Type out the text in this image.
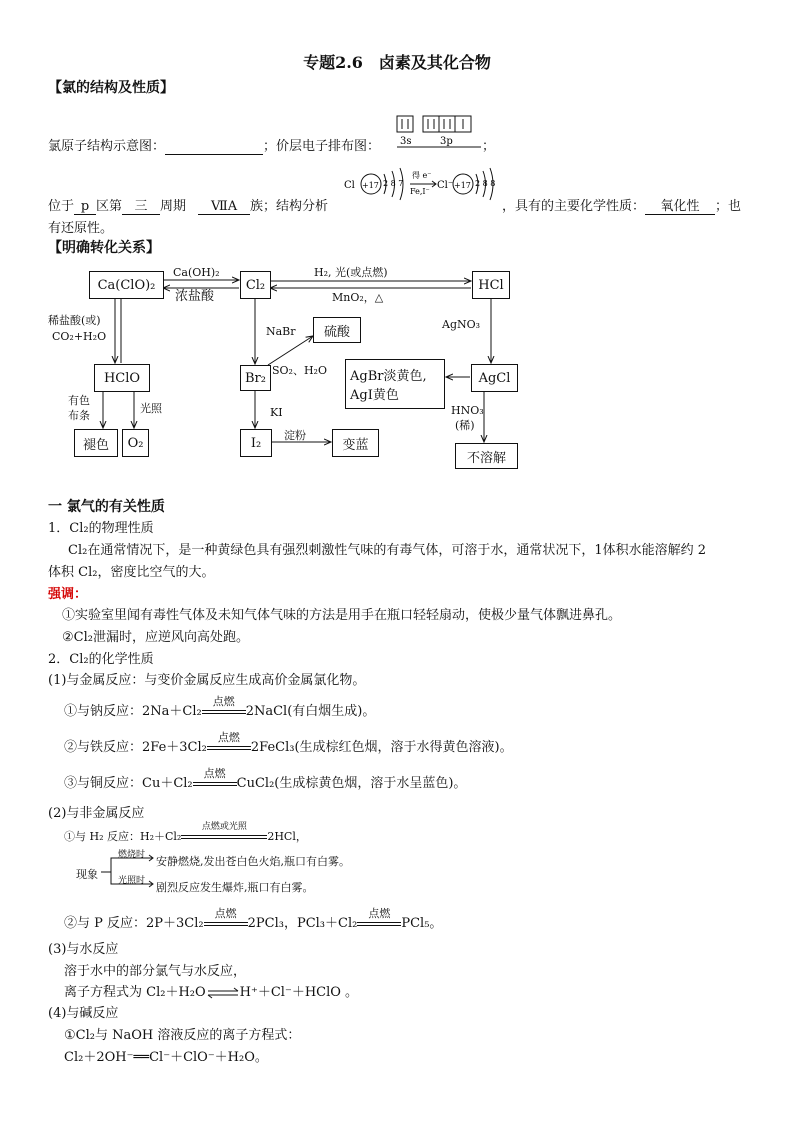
专题2.6　卤素及其化合物
【氯的结构及性质】
氯原子结构示意图：	；价层电子排布图： 3s	3p ；
位于 p 区第 三 周期 ⅦA 族；结构分析
Cl +17 2 8 7
得 e⁻
Fe,I⁻
Cl⁻ +17 2 8 8
，具有的主要化学性质： 氧化性 ；也
有还原性。
【明确转化关系】
Ca(ClO)₂	Cl₂	HCl
HClO	Br₂
硫酸
AgCl
AgBr淡黄色,
AgI黄色
I₂	变蓝
褪色	O₂
不溶解
Ca(OH)₂
浓盐酸
H₂, 光(或点燃)
MnO₂，△
稀盐酸(或)
CO₂+H₂O	NaBr
AgNO₃
SO₂、H₂O
有色
布条
光照	KI
淀粉
HNO₃
(稀)
一 氯气的有关性质
1．Cl₂的物理性质
Cl₂在通常情况下，是一种黄绿色具有强烈刺激性气味的有毒气体，可溶于水，通常状况下，1体积水能溶解约 2
体积 Cl₂，密度比空气的大。
强调：
①实验室里闻有毒性气体及未知气体气味的方法是用手在瓶口轻轻扇动，使极少量气体飘进鼻孔。
②Cl₂泄漏时，应逆风向高处跑。
2．Cl₂的化学性质
(1)与金属反应：与变价金属反应生成高价金属氯化物。
①与钠反应：2Na＋Cl₂
点燃
2NaCl(有白烟生成)。
②与铁反应：2Fe＋3Cl₂
点燃
2FeCl₃(生成棕红色烟，溶于水得黄色溶液)。
③与铜反应：Cu＋Cl₂
点燃
CuCl₂(生成棕黄色烟，溶于水呈蓝色)。
(2)与非金属反应
①与 H₂ 反应：H₂＋Cl₂
点燃或光照
2HCl，
现象
燃烧时 安静燃烧,发出苍白色火焰,瓶口有白雾。
光照时 剧烈反应发生爆炸,瓶口有白雾。
②与 P 反应：2P＋3Cl₂
点燃
2PCl₃，PCl₃＋Cl₂
点燃
PCl₅。
(3)与水反应
溶于水中的部分氯气与水反应，
离子方程式为 Cl₂＋H₂O⇌H⁺＋Cl⁻＋HClO 。
(4)与碱反应
①Cl₂与 NaOH 溶液反应的离子方程式：
Cl₂＋2OH⁻══Cl⁻＋ClO⁻＋H₂O。
